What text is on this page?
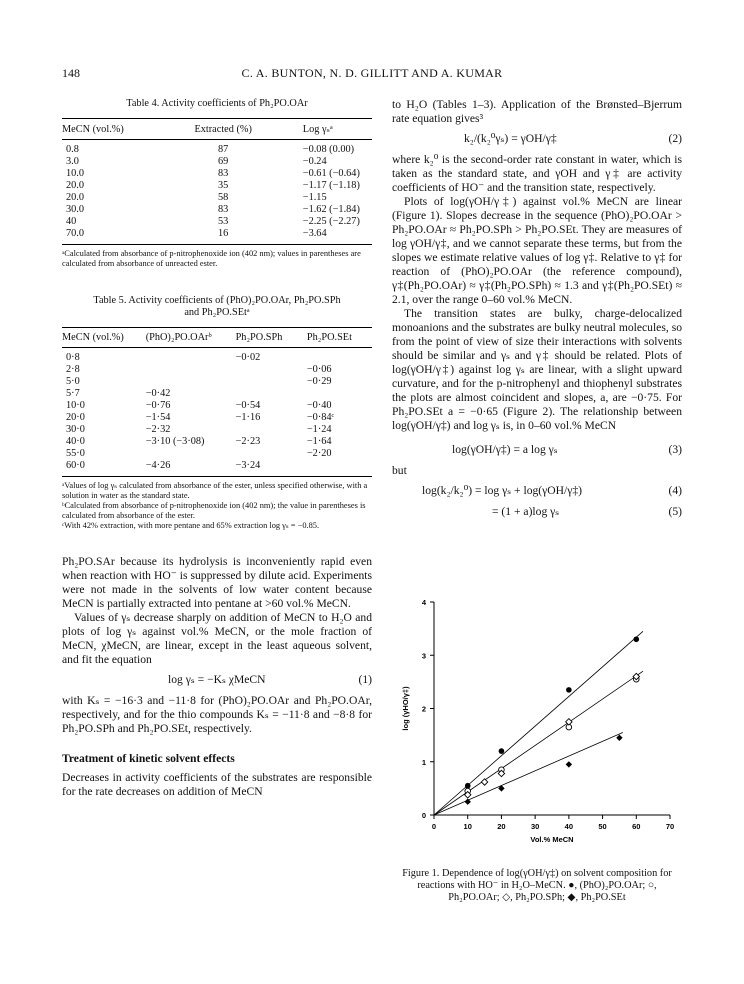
148	C. A. BUNTON, N. D. GILLITT AND A. KUMAR
Table 4. Activity coefficients of Ph₂PO.OAr
MeCN (vol.%)	Extracted (%)	Log γₛᵃ
0.8	87	−0.08 (0.00)
3.0	69	−0.24
10.0	83	−0.61 (−0.64)
20.0	35	−1.17 (−1.18)
20.0	58	−1.15
30.0	83	−1.62 (−1.84)
40	53	−2.25 (−2.27)
70.0	16	−3.64
ᵃCalculated from absorbance of p-nitrophenoxide ion (402 nm); values in parentheses are calculated from absorbance of unreacted ester.
Table 5. Activity coefficients of (PhO)₂PO.OAr, Ph₂PO.SPh and Ph₂PO.SEtᵃ
MeCN (vol.%)	(PhO)₂PO.OArᵇ	Ph₂PO.SPh	Ph₂PO.SEt
0·8		−0·02	
2·8			−0·06
5·0			−0·29
5·7	−0·42		
10·0	−0·76	−0·54	−0·40
20·0	−1·54	−1·16	−0·84ᶜ
30·0	−2·32		−1·24
40·0	−3·10 (−3·08)	−2·23	−1·64
55·0			−2·20
60·0	−4·26	−3·24	
ᵃValues of log γₛ calculated from absorbance of the ester, unless specified otherwise, with a solution in water as the standard state.
ᵇCalculated from absorbance of p-nitrophenoxide ion (402 nm); the value in parentheses is calculated from absorbance of the ester.
ᶜWith 42% extraction, with more pentane and 65% extraction log γₛ = −0.85.

Ph₂PO.SAr because its hydrolysis is inconveniently rapid even when reaction with HO⁻ is suppressed by dilute acid. Experiments were not made in the solvents of low water content because MeCN is partially extracted into pentane at >60 vol.% MeCN.

Values of γₛ decrease sharply on addition of MeCN to H₂O and plots of log γₛ against vol.% MeCN, or the mole fraction of MeCN, χMeCN, are linear, except in the least aqueous solvent, and fit the equation

log γₛ = −Kₛ χMeCN	(1)

with Kₛ = −16·3 and −11·8 for (PhO)₂PO.OAr and Ph₂PO.OAr, respectively, and for the thio compounds Kₛ = −11·8 and −8·8 for Ph₂PO.SPh and Ph₂PO.SEt, respectively.

Treatment of kinetic solvent effects

Decreases in activity coefficients of the substrates are responsible for the rate decreases on addition of MeCN

to H₂O (Tables 1–3). Application of the Brønsted–Bjerrum rate equation gives³

k₂/(k₂⁰γₛ) = γOH/γ‡	(2)

where k₂⁰ is the second-order rate constant in water, which is taken as the standard state, and γOH and γ‡ are activity coefficients of HO⁻ and the transition state, respectively.

Plots of log(γOH/γ‡) against vol.% MeCN are linear (Figure 1). Slopes decrease in the sequence (PhO)₂PO.OAr > Ph₂PO.OAr ≈ Ph₂PO.SPh > Ph₂PO.SEt. They are measures of log γOH/γ‡, and we cannot separate these terms, but from the slopes we estimate relative values of log γ‡. Relative to γ‡ for reaction of (PhO)₂PO.OAr (the reference compound), γ‡(Ph₂PO.OAr) ≈ γ‡(Ph₂PO.SPh) ≈ 1.3 and γ‡(Ph₂PO.SEt) ≈ 2.1, over the range 0–60 vol.% MeCN.

The transition states are bulky, charge-delocalized monoanions and the substrates are bulky neutral molecules, so from the point of view of size their interactions with solvents should be similar and γₛ and γ‡ should be related. Plots of log(γOH/γ‡) against log γₛ are linear, with a slight upward curvature, and for the p-nitrophenyl and thiophenyl substrates the plots are almost coincident and slopes, a, are −0·75. For Ph₂PO.SEt a = −0·65 (Figure 2). The relationship between log(γOH/γ‡) and log γₛ is, in 0–60 vol.% MeCN

log(γOH/γ‡) = a log γₛ	(3)
but
log(k₂/k₂⁰) = log γₛ + log(γOH/γ‡)	(4)
= (1 + a)log γₛ	(5)
0	10	20	30	40	50	60	70
0
1
2
3
4
Vol.% MeCN
log (γHO/γ‡)
Figure 1. Dependence of log(γOH/γ‡) on solvent composition for reactions with HO⁻ in H₂O–MeCN. ●, (PhO)₂PO.OAr; ○, Ph₂PO.OAr; ◇, Ph₂PO.SPh; ◆, Ph₂PO.SEt
